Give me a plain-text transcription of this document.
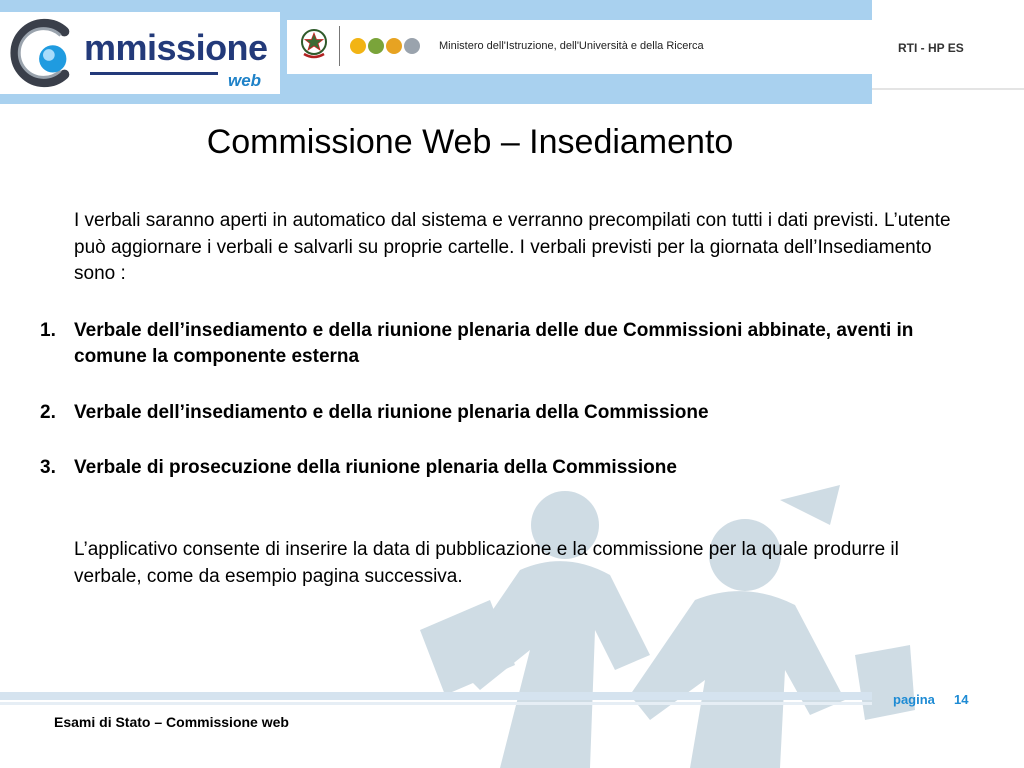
mmissione
web
Ministero dell'Istruzione, dell'Università e della Ricerca	RTI - HP ES
Commissione Web – Insediamento

I verbali saranno aperti in automatico dal sistema e verranno precompilati con tutti i dati previsti. L’utente può aggiornare i verbali e salvarli su proprie cartelle. I verbali previsti per la giornata dell’Insediamento sono :

1. Verbale dell’insediamento e della riunione plenaria delle due Commissioni abbinate, aventi in comune la componente esterna
2. Verbale dell’insediamento e della riunione plenaria della Commissione
3. Verbale di prosecuzione della riunione plenaria della Commissione

L’applicativo consente di inserire la data di pubblicazione e la commissione per la quale produrre il verbale, come da esempio pagina successiva.

pagina 14
Esami di Stato – Commissione web
